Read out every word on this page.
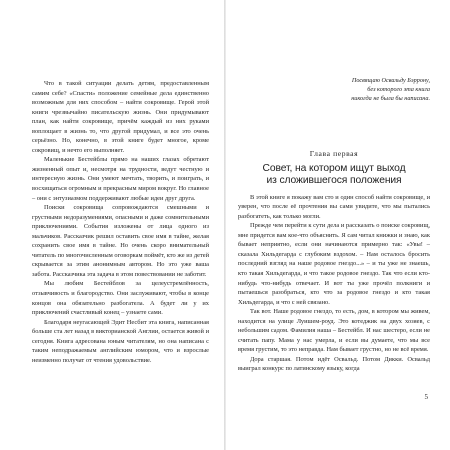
Что в такой ситуации делать детям, предоставленным самим себе? «Спасти» положение семейные дела единственно возможным для них способом – найти сокровище. Герой этой книги чрезвычайно писательскую жизнь. Они придумывают план, как найти сокровище, причём каждый из них руками воплощает в жизнь то, что другой придумал, и все это очень серьёзно. Но, конечно, в этой книге будет многое, кроме сокровищ, и нечто его выполняет.

Маленькие Бестейблы прямо на наших глазах обретают жизненный опыт и, несмотря на трудности, ведут честную и интересную жизнь. Они умеют мечтать, творить, и поиграть, и восхищаться огромным и прекрасным миром вокруг. Но главное – они с энтузиазмом поддерживают любые идеи друг друга.

Поиски сокровища сопровождаются смешными и грустными недоразумениями, опасными и даже сомнительными приключениями. События изложены от лица одного из мальчиков. Рассказчик решил оставить свое имя в тайне, желая сохранить свое имя в тайне. Но очень скоро внимательный читатель по многочисленным оговоркам поймёт, кто же из детей скрывается за этим анонимным автором. Но это уже ваша забота. Рассказчика эта задача в этом повествовании не заботит.

Мы любим Бестейблов за целеустремлённость, отзывчивость и благородство. Они заслуживают, чтобы в конце концов она обязательно разбогатела. А будет ли у их приключений счастливый конец – узнаете сами.

Благодаря неугасающей Эдит Несбит эта книга, написанная больше ста лет назад в викторианской Англии, остается живой и сегодня. Книга адресована юным читателям, но она написана с таким неподражаемым английским юмором, что и взрослые неизменно получат от чтения удовольствие.

Посвящаю Освальду Бэррону,
без которого эта книга
никогда не была бы написана.
Глава первая
Совет, на котором ищут выход
из сложившегося положения

В этой книге я покажу вам сто и один способ найти сокровище, и уверен, что после её прочтения вы сами увидите, что мы пытались разбогатеть, как только могли.

Прежде чем перейти к сути дела и рассказать о поиске сокровищ, мне придется вам кое-что объяснить. Я сам читал книжки и знаю, как бывает неприятно, если они начинаются примерно так: «Увы! – сказала Хильдегарда с глубоким вздохом. – Нам осталось бросить последний взгляд на наше родовое гнездо...» – и ты уже не знаешь, кто такая Хильдегарда, и что такое родовое гнездо. Так что если кто-нибудь что-нибудь отвечает. И вот ты уже прочёл полкниги и пытаешься разобраться, кто что за родовое гнездо и кто такая Хильдегарда, и что с ней связано.

Так вот. Наше родовое гнездо, то есть, дом, в котором мы живем, находится на улице Луишем-роуд. Это котеджик на двух хозяев, с небольшим садом. Фамилия наша – Бестейбл. И нас шестеро, если не считать папу. Мама у нас умерла, и если вы думаете, что мы все время грустим, то это неправда. Нам бывает грустно, но не всё время.

Дора старшая. Потом идёт Освальд. Потом Дикки. Освальд выиграл конкурс по латинскому языку, когда

5
